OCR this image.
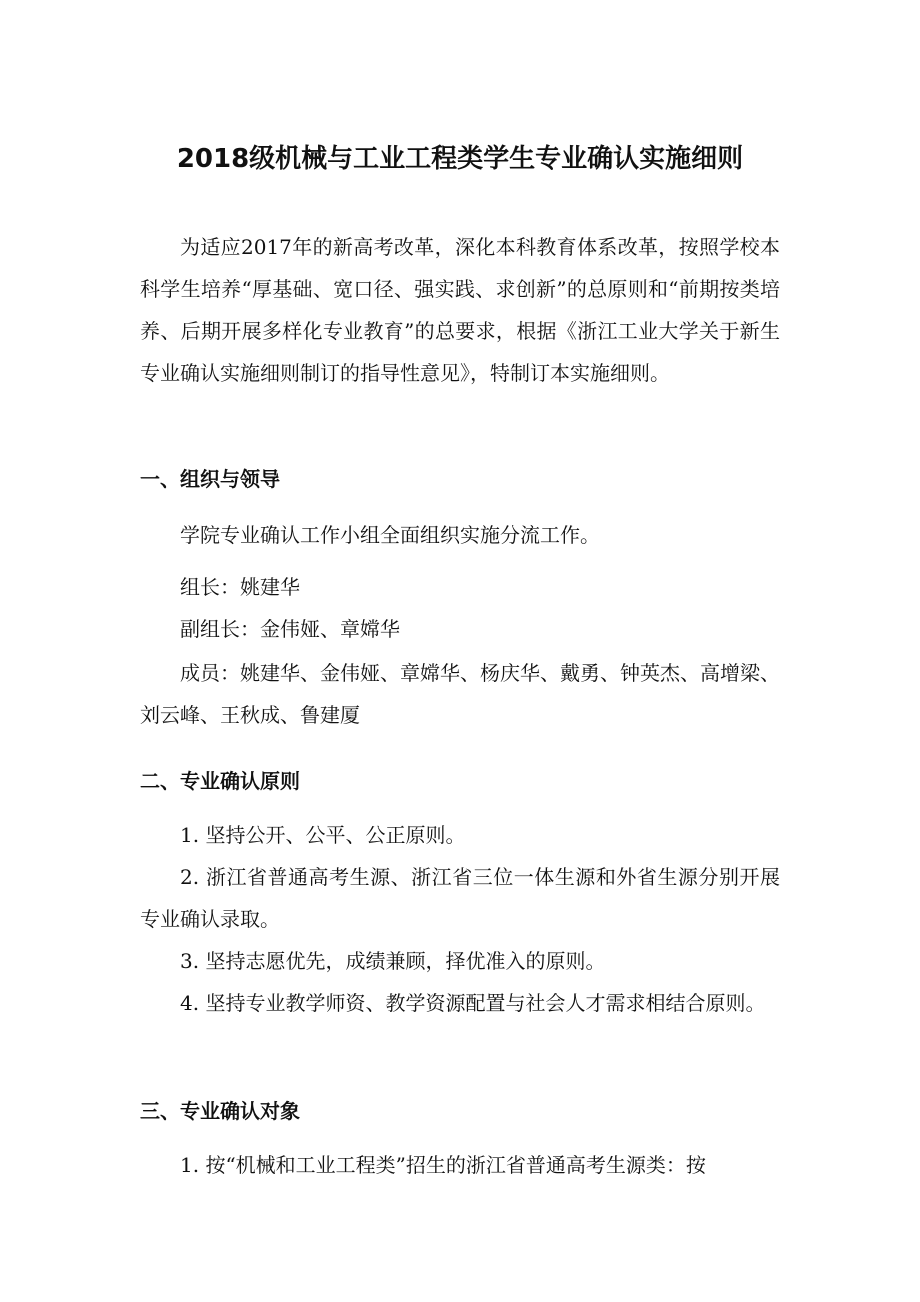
2018级机械与工业工程类学生专业确认实施细则
为适应2017年的新高考改革，深化本科教育体系改革，按照学校本科学生培养“厚基础、宽口径、强实践、求创新”的总原则和“前期按类培养、后期开展多样化专业教育”的总要求，根据《浙江工业大学关于新生专业确认实施细则制订的指导性意见》，特制订本实施细则。
一、组织与领导
学院专业确认工作小组全面组织实施分流工作。
组长：姚建华
副组长：金伟娅、章嫦华
成员：姚建华、金伟娅、章嫦华、杨庆华、戴勇、钟英杰、高增梁、刘云峰、王秋成、鲁建厦
二、专业确认原则
1. 坚持公开、公平、公正原则。
2. 浙江省普通高考生源、浙江省三位一体生源和外省生源分别开展专业确认录取。
3. 坚持志愿优先，成绩兼顾，择优准入的原则。
4. 坚持专业教学师资、教学资源配置与社会人才需求相结合原则。
三、专业确认对象
1. 按“机械和工业工程类”招生的浙江省普通高考生源类：按
